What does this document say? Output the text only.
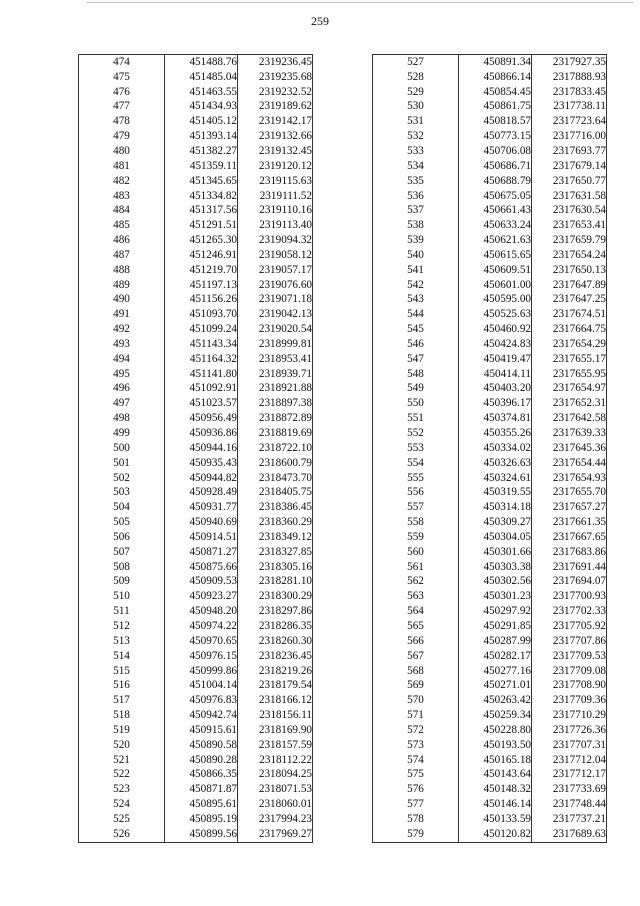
259
474	451488.76	2319236.45
475	451485.04	2319235.68
476	451463.55	2319232.52
477	451434.93	2319189.62
478	451405.12	2319142.17
479	451393.14	2319132.66
480	451382.27	2319132.45
481	451359.11	2319120.12
482	451345.65	2319115.63
483	451334.82	2319111.52
484	451317.56	2319110.16
485	451291.51	2319113.40
486	451265.30	2319094.32
487	451246.91	2319058.12
488	451219.70	2319057.17
489	451197.13	2319076.60
490	451156.26	2319071.18
491	451093.70	2319042.13
492	451099.24	2319020.54
493	451143.34	2318999.81
494	451164.32	2318953.41
495	451141.80	2318939.71
496	451092.91	2318921.88
497	451023.57	2318897.38
498	450956.49	2318872.89
499	450936.86	2318819.69
500	450944.16	2318722.10
501	450935.43	2318600.79
502	450944.82	2318473.70
503	450928.49	2318405.75
504	450931.77	2318386.45
505	450940.69	2318360.29
506	450914.51	2318349.12
507	450871.27	2318327.85
508	450875.66	2318305.16
509	450909.53	2318281.10
510	450923.27	2318300.29
511	450948.20	2318297.86
512	450974.22	2318286.35
513	450970.65	2318260.30
514	450976.15	2318236.45
515	450999.86	2318219.26
516	451004.14	2318179.54
517	450976.83	2318166.12
518	450942.74	2318156.11
519	450915.61	2318169.90
520	450890.58	2318157.59
521	450890.28	2318112.22
522	450866.35	2318094.25
523	450871.87	2318071.53
524	450895.61	2318060.01
525	450895.19	2317994.23
526	450899.56	2317969.27
527	450891.34	2317927.35
528	450866.14	2317888.93
529	450854.45	2317833.45
530	450861.75	2317738.11
531	450818.57	2317723.64
532	450773.15	2317716.00
533	450706.08	2317693.77
534	450686.71	2317679.14
535	450688.79	2317650.77
536	450675.05	2317631.58
537	450661.43	2317630.54
538	450633.24	2317653.41
539	450621.63	2317659.79
540	450615.65	2317654.24
541	450609.51	2317650.13
542	450601.00	2317647.89
543	450595.00	2317647.25
544	450525.63	2317674.51
545	450460.92	2317664.75
546	450424.83	2317654.29
547	450419.47	2317655.17
548	450414.11	2317655.95
549	450403.20	2317654.97
550	450396.17	2317652.31
551	450374.81	2317642.58
552	450355.26	2317639.33
553	450334.02	2317645.36
554	450326.63	2317654.44
555	450324.61	2317654.93
556	450319.55	2317655.70
557	450314.18	2317657.27
558	450309.27	2317661.35
559	450304.05	2317667.65
560	450301.66	2317683.86
561	450303.38	2317691.44
562	450302.56	2317694.07
563	450301.23	2317700.93
564	450297.92	2317702.33
565	450291.85	2317705.92
566	450287.99	2317707.86
567	450282.17	2317709.53
568	450277.16	2317709.08
569	450271.01	2317708.90
570	450263.42	2317709.36
571	450259.34	2317710.29
572	450228.80	2317726.36
573	450193.50	2317707.31
574	450165.18	2317712.04
575	450143.64	2317712.17
576	450148.32	2317733.69
577	450146.14	2317748.44
578	450133.59	2317737.21
579	450120.82	2317689.63
